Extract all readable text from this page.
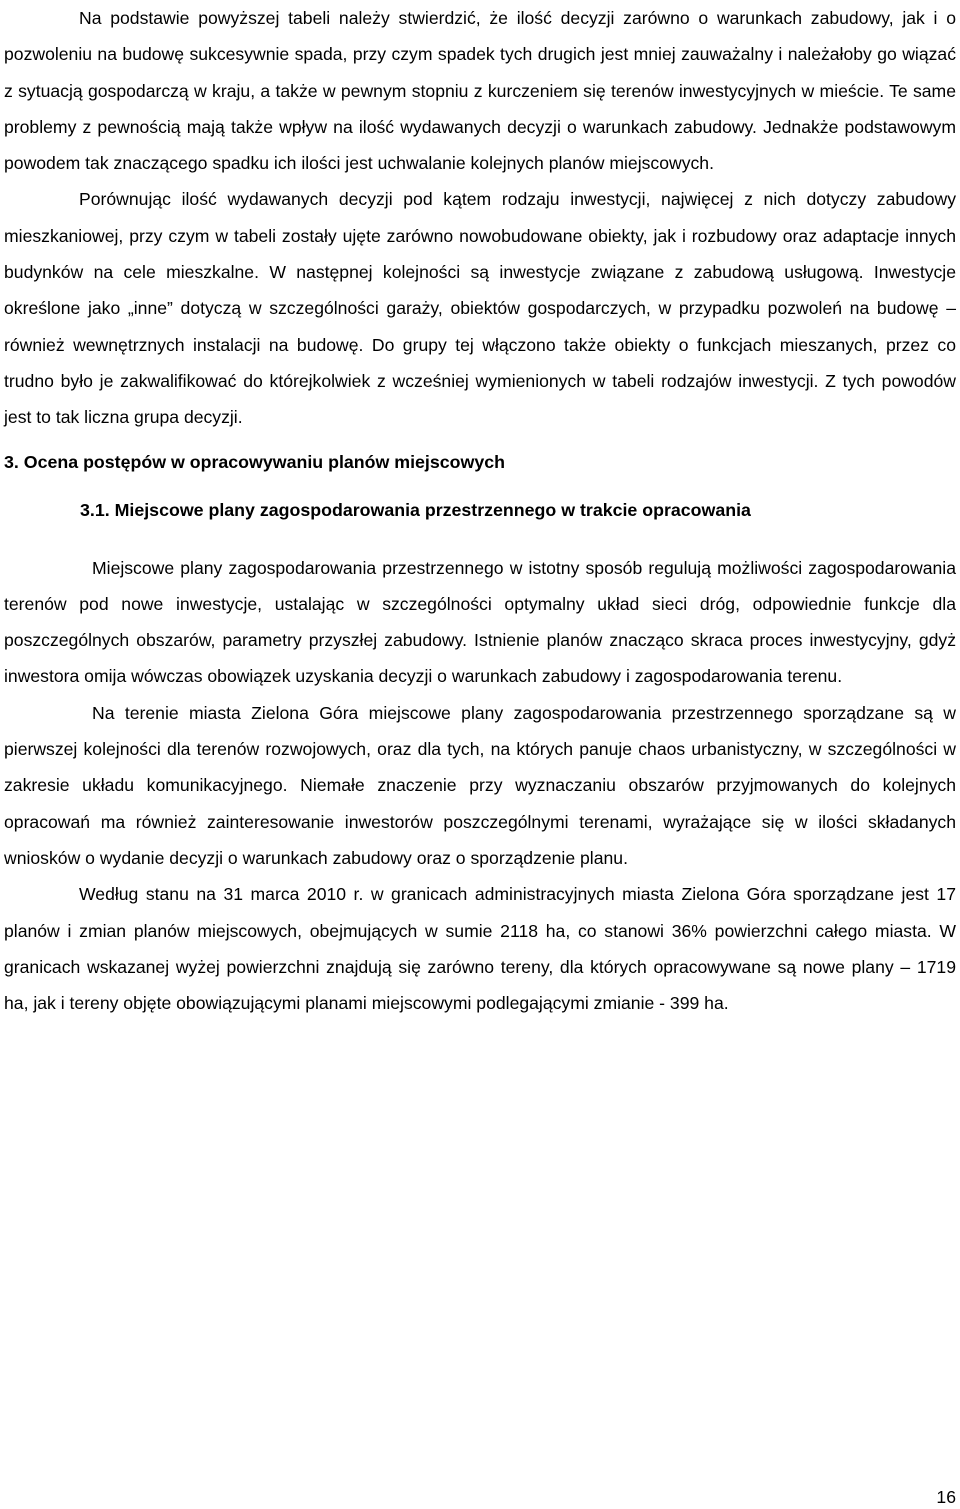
Na podstawie powyższej tabeli należy stwierdzić, że ilość decyzji zarówno o warunkach zabudowy, jak i o pozwoleniu na budowę sukcesywnie spada, przy czym spadek tych drugich jest mniej zauważalny i należałoby go wiązać z sytuacją gospodarczą w kraju, a także w pewnym stopniu z kurczeniem się terenów inwestycyjnych w mieście. Te same problemy z pewnością mają także wpływ na ilość wydawanych decyzji o warunkach zabudowy. Jednakże podstawowym powodem tak znaczącego spadku ich ilości jest uchwalanie kolejnych planów miejscowych.

Porównując ilość wydawanych decyzji pod kątem rodzaju inwestycji, najwięcej z nich dotyczy zabudowy mieszkaniowej, przy czym w tabeli zostały ujęte zarówno nowobudowane obiekty, jak i rozbudowy oraz adaptacje innych budynków na cele mieszkalne. W następnej kolejności są inwestycje związane z zabudową usługową. Inwestycje określone jako „inne” dotyczą w szczególności garaży, obiektów gospodarczych, w przypadku pozwoleń na budowę – również wewnętrznych instalacji na budowę. Do grupy tej włączono także obiekty o funkcjach mieszanych, przez co trudno było je zakwalifikować do którejkolwiek z wcześniej wymienionych w tabeli rodzajów inwestycji. Z tych powodów jest to tak liczna grupa decyzji.

3. Ocena postępów w opracowywaniu planów miejscowych
3.1. Miejscowe plany zagospodarowania przestrzennego w trakcie opracowania

Miejscowe plany zagospodarowania przestrzennego w istotny sposób regulują możliwości zagospodarowania terenów pod nowe inwestycje, ustalając w szczególności optymalny układ sieci dróg, odpowiednie funkcje dla poszczególnych obszarów, parametry przyszłej zabudowy. Istnienie planów znacząco skraca proces inwestycyjny, gdyż inwestora omija wówczas obowiązek uzyskania decyzji o warunkach zabudowy i zagospodarowania terenu.

Na terenie miasta Zielona Góra miejscowe plany zagospodarowania przestrzennego sporządzane są w pierwszej kolejności dla terenów rozwojowych, oraz dla tych, na których panuje chaos urbanistyczny, w szczególności w zakresie układu komunikacyjnego. Niemałe znaczenie przy wyznaczaniu obszarów przyjmowanych do kolejnych opracowań ma również zainteresowanie inwestorów poszczególnymi terenami, wyrażające się w ilości składanych wniosków o wydanie decyzji o warunkach zabudowy oraz o sporządzenie planu.

Według stanu na 31 marca 2010 r. w granicach administracyjnych miasta Zielona Góra sporządzane jest 17 planów i zmian planów miejscowych, obejmujących w sumie 2118 ha, co stanowi 36% powierzchni całego miasta. W granicach wskazanej wyżej powierzchni znajdują się zarówno tereny, dla których opracowywane są nowe plany – 1719 ha, jak i tereny objęte obowiązującymi planami miejscowymi podlegającymi zmianie - 399 ha.

16
